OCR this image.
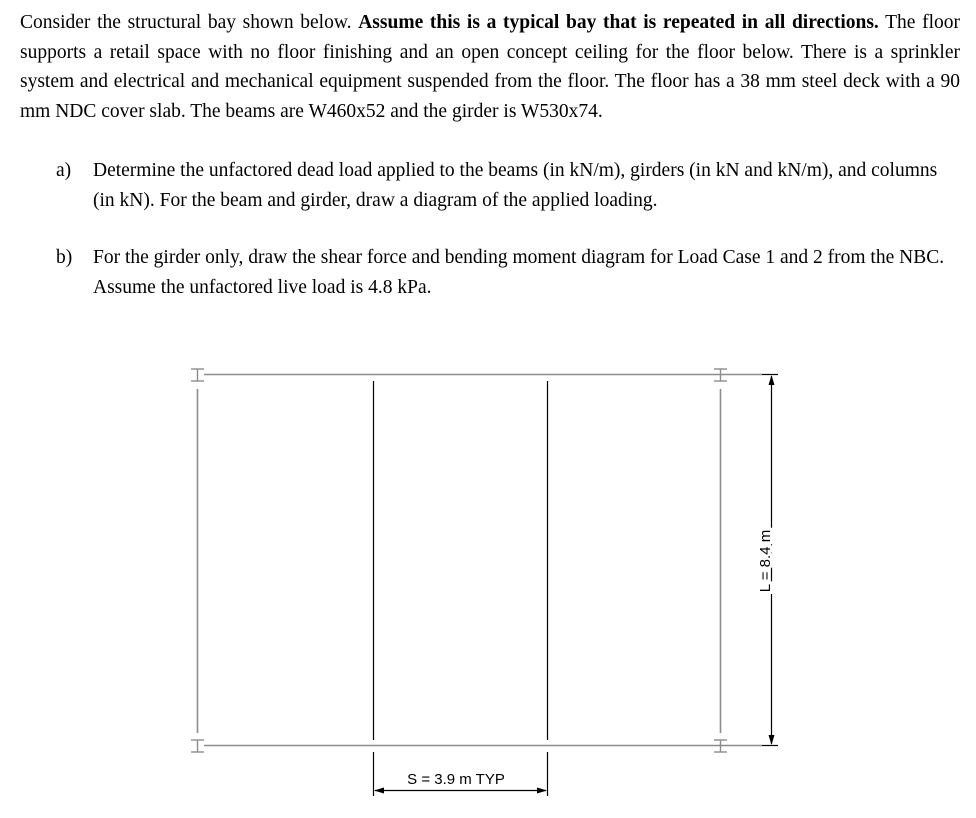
Consider the structural bay shown below. Assume this is a typical bay that is repeated in all directions. The floor supports a retail space with no floor finishing and an open concept ceiling for the floor below. There is a sprinkler system and electrical and mechanical equipment suspended from the floor. The floor has a 38 mm steel deck with a 90 mm NDC cover slab. The beams are W460x52 and the girder is W530x74.

a) Determine the unfactored dead load applied to the beams (in kN/m), girders (in kN and kN/m), and columns (in kN). For the beam and girder, draw a diagram of the applied loading.
b) For the girder only, draw the shear force and bending moment diagram for Load Case 1 and 2 from the NBC. Assume the unfactored live load is 4.8 kPa.
L = 8.4 m
S = 3.9 m TYP
